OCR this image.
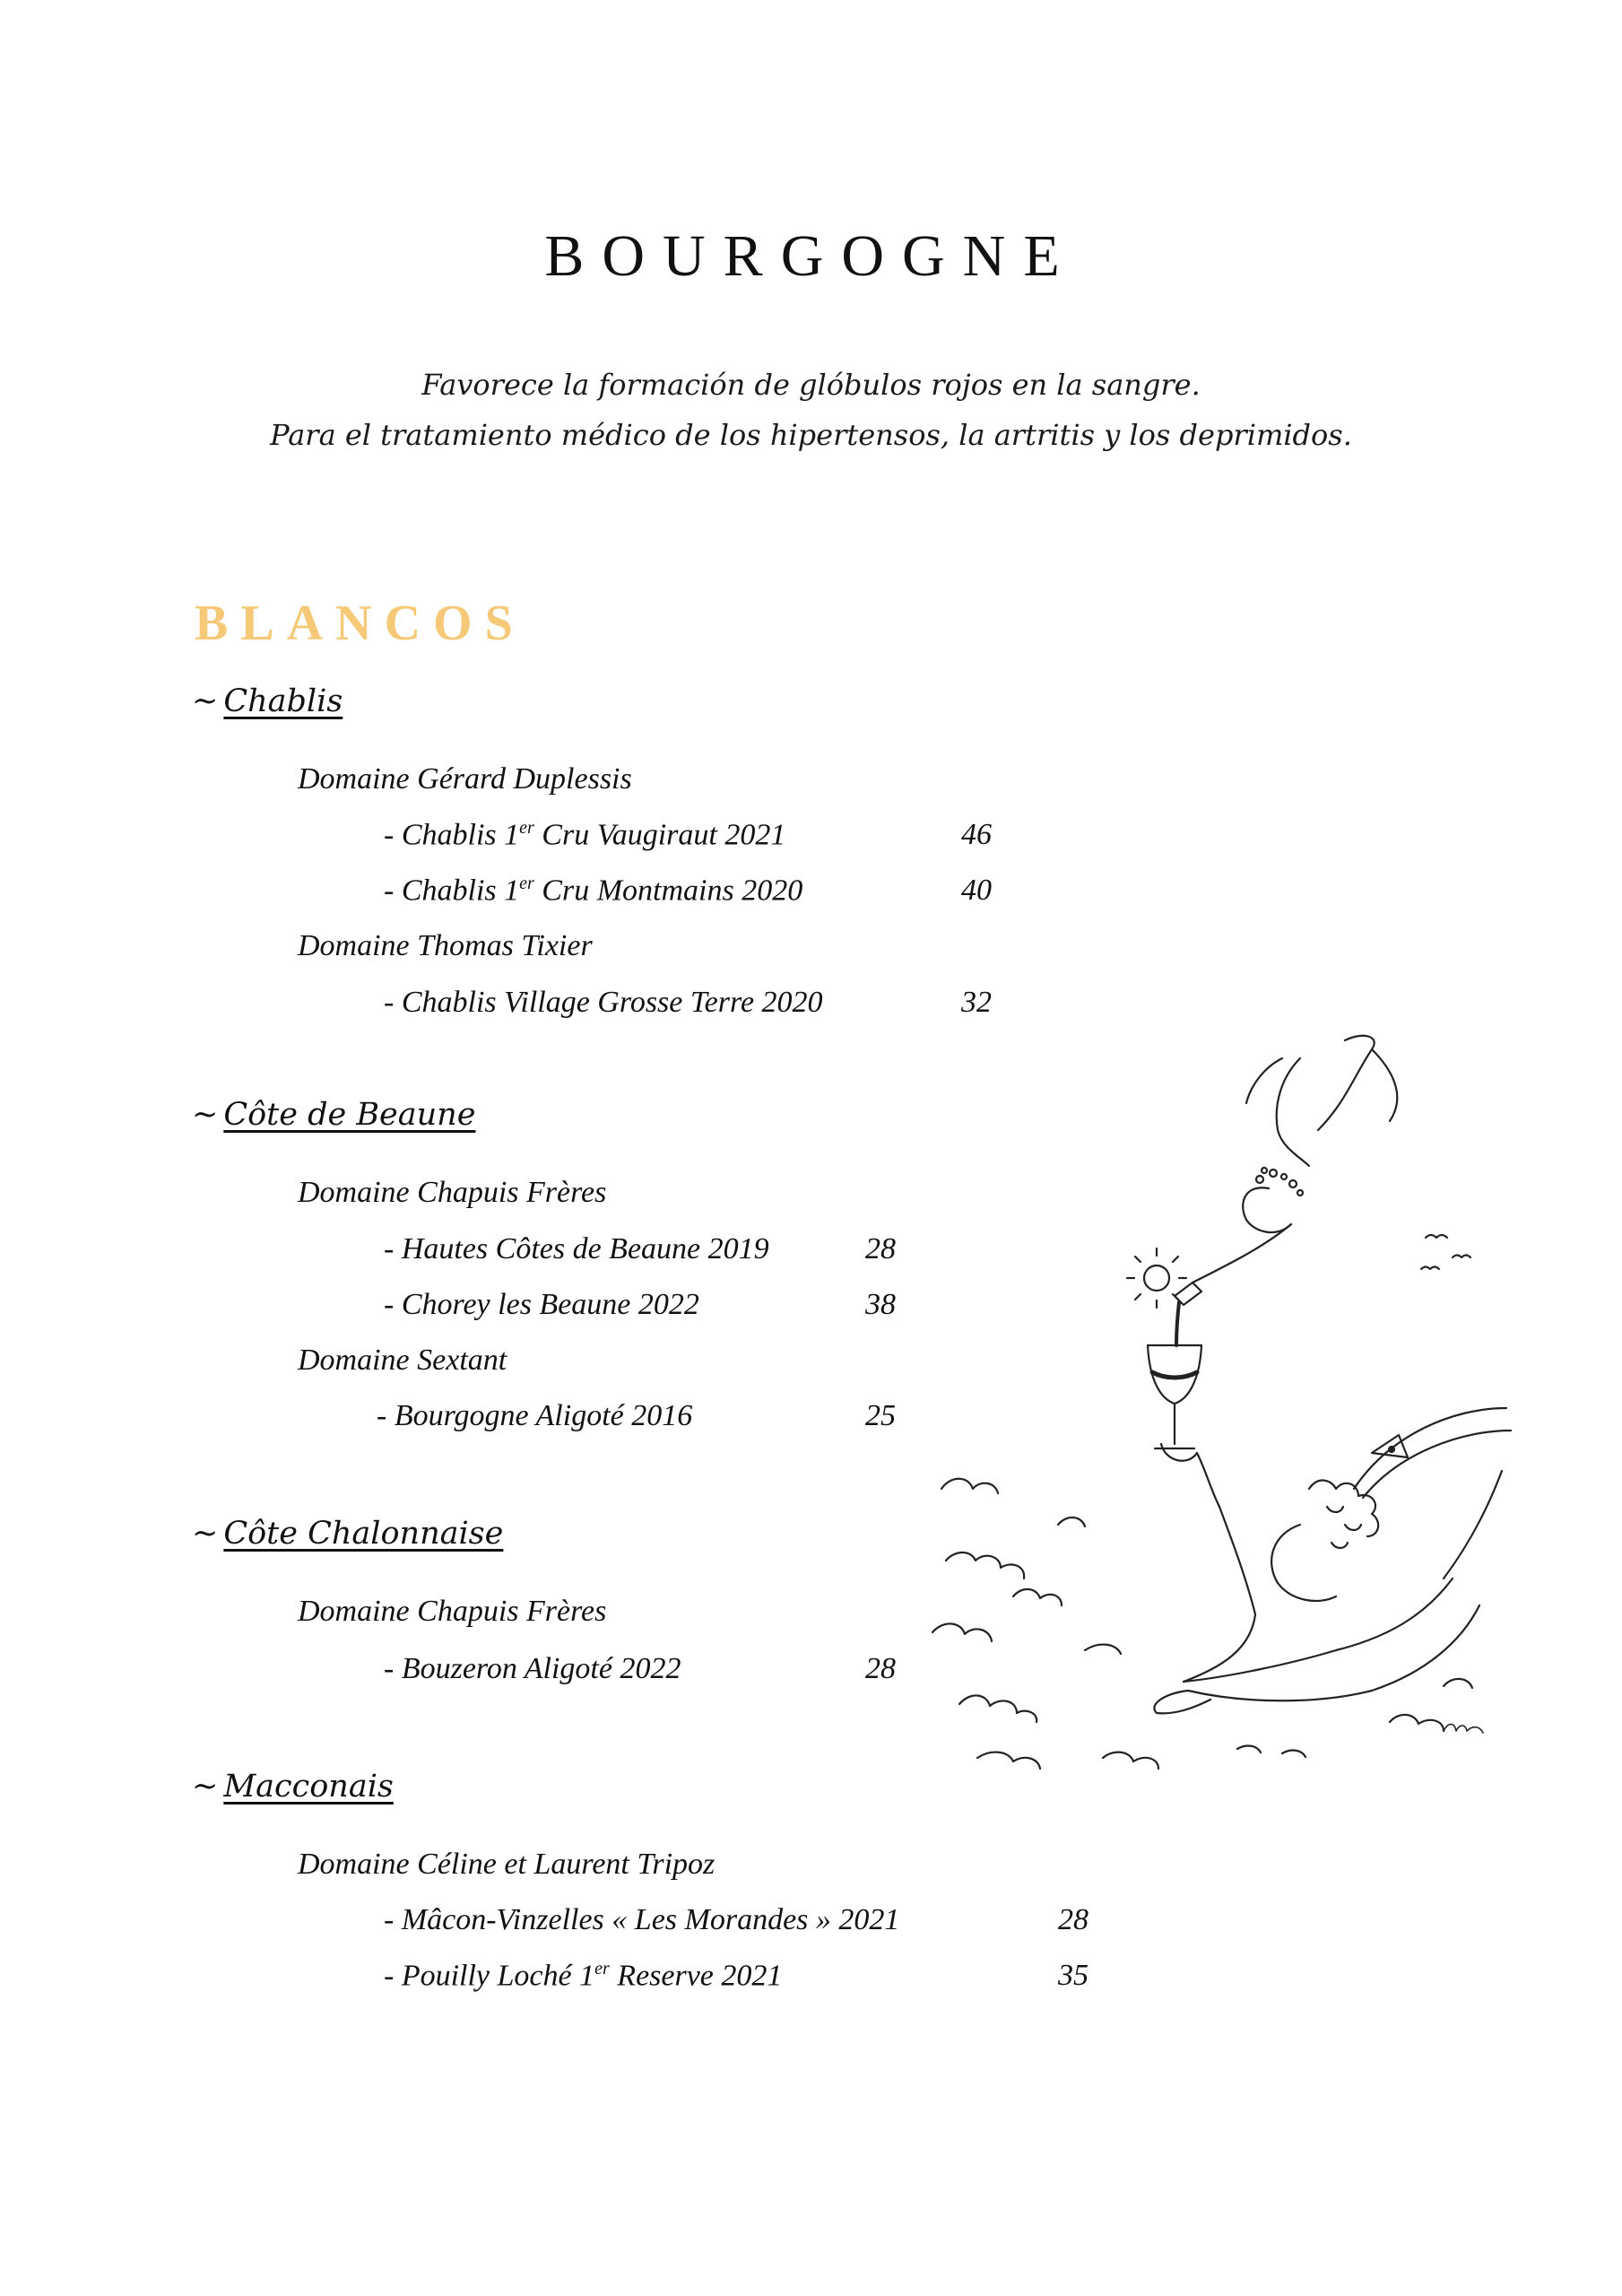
BOURGOGNE
Favorece la formación de glóbulos rojos en la sangre.
Para el tratamiento médico de los hipertensos, la artritis y los deprimidos.
BLANCOS
~ Chablis
Domaine Gérard Duplessis
- Chablis 1er Cru Vaugiraut 2021	46
- Chablis 1er Cru Montmains 2020	40
Domaine Thomas Tixier
- Chablis Village Grosse Terre 2020	32
~ Côte de Beaune
Domaine Chapuis Frères
- Hautes Côtes de Beaune 2019	28
- Chorey les Beaune 2022	38
Domaine Sextant
- Bourgogne Aligoté 2016	25
~ Côte Chalonnaise
Domaine Chapuis Frères
- Bouzeron Aligoté 2022	28
~ Macconais
Domaine Céline et Laurent Tripoz
- Mâcon-Vinzelles « Les Morandes » 2021	28
- Pouilly Loché 1er Reserve 2021	35
